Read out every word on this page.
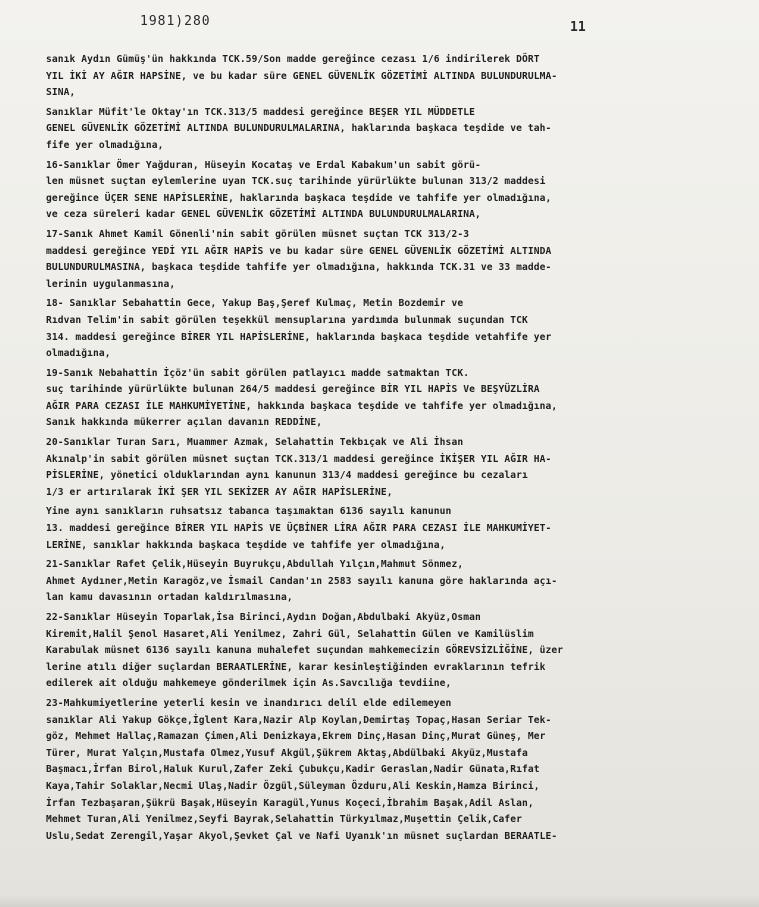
1981)280	11
sanık Aydın Gümüş'ün hakkında TCK.59/Son madde gereğince cezası 1/6 indirilerek DÖRT
YIL İKİ AY AĞIR HAPSİNE, ve bu kadar süre GENEL GÜVENLİK GÖZETİMİ ALTINDA BULUNDURULMA-
SINA,
Sanıklar Müfit'le Oktay'ın TCK.313/5 maddesi gereğince BEŞER YIL MÜDDETLE
GENEL GÜVENLİK GÖZETİMİ ALTINDA BULUNDURULMALARINA, haklarında başkaca teşdide ve tah-
fife yer olmadığına,
16-Sanıklar Ömer Yağduran, Hüseyin Kocataş ve Erdal Kabakum'un sabit görü-
len müsnet suçtan eylemlerine uyan TCK.suç tarihinde yürürlükte bulunan 313/2 maddesi
gereğince ÜÇER SENE HAPİSLERİNE, haklarında başkaca teşdide ve tahfife yer olmadığına,
ve ceza süreleri kadar GENEL GÜVENLİK GÖZETİMİ ALTINDA BULUNDURULMALARINA,
17-Sanık Ahmet Kamil Gönenli'nin sabit görülen müsnet suçtan TCK 313/2-3
maddesi gereğince YEDİ YIL AĞIR HAPİS ve bu kadar süre GENEL GÜVENLİK GÖZETİMİ ALTINDA
BULUNDURULMASINA, başkaca teşdide tahfife yer olmadığına, hakkında TCK.31 ve 33 madde-
lerinin uygulanmasına,
18- Sanıklar Sebahattin Gece, Yakup Baş,Şeref Kulmaç, Metin Bozdemir ve
Rıdvan Telim'in sabit görülen teşekkül mensuplarına yardımda bulunmak suçundan TCK
314. maddesi gereğince BİRER YIL HAPİSLERİNE, haklarında başkaca teşdide vetahfife yer
olmadığına,
19-Sanık Nebahattin İçöz'ün sabit görülen patlayıcı madde satmaktan TCK.
suç tarihinde yürürlükte bulunan 264/5 maddesi gereğince BİR YIL HAPİS Ve BEŞYÜZLİRA
AĞIR PARA CEZASI İLE MAHKUMİYETİNE, hakkında başkaca teşdide ve tahfife yer olmadığına,
Sanık hakkında mükerrer açılan davanın REDDİNE,
20-Sanıklar Turan Sarı, Muammer Azmak, Selahattin Tekbıçak ve Ali İhsan
Akınalp'in sabit görülen müsnet suçtan TCK.313/1 maddesi gereğince İKİŞER YIL AĞIR HA-
PİSLERİNE, yönetici olduklarından aynı kanunun 313/4 maddesi gereğince bu cezaları
1/3 er artırılarak İKİ ŞER YIL SEKİZER AY AĞIR HAPİSLERİNE,
Yine aynı sanıkların ruhsatsız tabanca taşımaktan 6136 sayılı kanunun
13. maddesi gereğince BİRER YIL HAPİS VE ÜÇBİNER LİRA AĞIR PARA CEZASI İLE MAHKUMİYET-
LERİNE, sanıklar hakkında başkaca teşdide ve tahfife yer olmadığına,
21-Sanıklar Rafet Çelik,Hüseyin Buyrukçu,Abdullah Yılçın,Mahmut Sönmez,
Ahmet Aydıner,Metin Karagöz,ve İsmail Candan'ın 2583 sayılı kanuna göre haklarında açı-
lan kamu davasının ortadan kaldırılmasına,
22-Sanıklar Hüseyin Toparlak,İsa Birinci,Aydın Doğan,Abdulbaki Akyüz,Osman
Kiremit,Halil Şenol Hasaret,Ali Yenilmez, Zahri Gül, Selahattin Gülen ve Kamilüslim
Karabulak müsnet 6136 sayılı kanuna muhalefet suçundan mahkemecizin GÖREVSİZLİĞİNE, üzer
lerine atılı diğer suçlardan BERAATLERİNE, karar kesinleştiğinden evraklarının tefrik
edilerek ait olduğu mahkemeye gönderilmek için As.Savcılığa tevdiine,
23-Mahkumiyetlerine yeterli kesin ve inandırıcı delil elde edilemeyen
sanıklar Ali Yakup Gökçe,İglent Kara,Nazir Alp Koylan,Demirtaş Topaç,Hasan Seriar Tek-
göz, Mehmet Hallaç,Ramazan Çimen,Ali Denizkaya,Ekrem Dinç,Hasan Dinç,Murat Güneş, Mer
Türer, Murat Yalçın,Mustafa Olmez,Yusuf Akgül,Şükrem Aktaş,Abdülbaki Akyüz,Mustafa
Başmacı,İrfan Birol,Haluk Kurul,Zafer Zeki Çubukçu,Kadir Geraslan,Nadir Günata,Rıfat
Kaya,Tahir Solaklar,Necmi Ulaş,Nadir Özgül,Süleyman Özduru,Ali Keskin,Hamza Birinci,
İrfan Tezbaşaran,Şükrü Başak,Hüseyin Karagül,Yunus Koçeci,İbrahim Başak,Adil Aslan,
Mehmet Turan,Ali Yenilmez,Seyfi Bayrak,Selahattin Türkyılmaz,Muşettin Çelik,Cafer
Uslu,Sedat Zerengil,Yaşar Akyol,Şevket Çal ve Nafi Uyanık'ın müsnet suçlardan BERAATLE-
